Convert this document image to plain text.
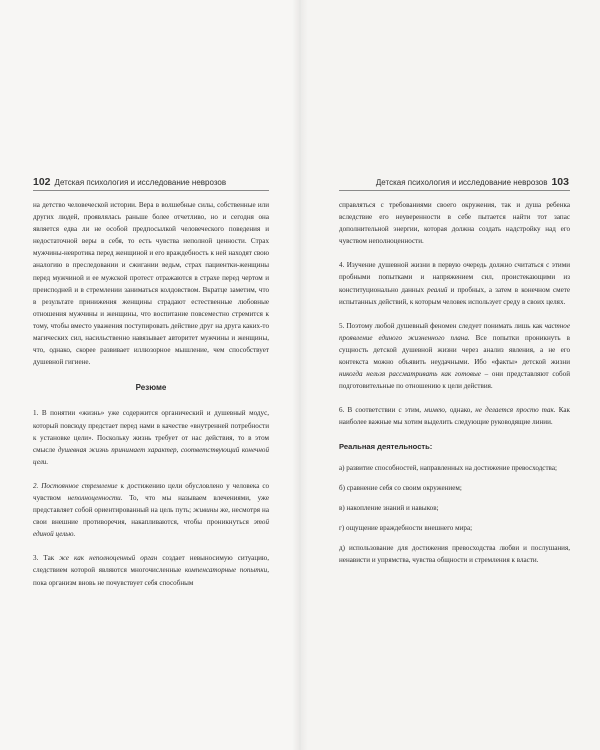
102 Детская психология и исследование неврозов	Детская психология и исследование неврозов 103

на детство человеческой истории. Вера в волшебные силы, собственные или других людей, проявлялась раньше более отчетливо, но и сегодня она является едва ли не особой предпосылкой человеческого поведения и недостаточной веры в себя, то есть чувства неполной ценности. Страх мужчины-невротика перед женщиной и его враждебность к ней находят свою аналогию в преследовании и сжигании ведьм, страх пациентки-женщины перед мужчиной и ее мужской протест отражаются в страхе перед чертом и преисподней и в стремлении заниматься колдовством. Вкратце заметим, что в результате принижения женщины страдают естественные любовные отношения мужчины и женщины, что воспитание повсеместно стремится к тому, чтобы вместо уважения поступировать действие друг на друга каких-то магических сил, насильственно навязывает авторитет мужчины и женщины, что, однако, скорее развивает иллюзорное мышление, чем способствует душевной гигиене.

Резюме

1. В понятии «жизнь» уже содержится органический и душевный модус, который повсюду предстает перед нами в качестве «внутренней потребности к установке цели». Поскольку жизнь требует от нас действия, то в этом смысле душевная жизнь принимает характер, соответствующий конечной цели.

2. Постоянное стремление к достижению цели обусловлено у человека со чувством неполноценности. То, что мы называем влечениями, уже представляет собой ориентированный на цель путь; живины же, несмотря на свои внешние противоречия, накапливаются, чтобы проникнуться этой единой целью.

3. Так же как неполноценный орган создает невыносимую ситуацию, следствием которой являются многочисленные компенсаторные попытки, пока организм вновь не почувствует себя способным

справляться с требованиями своего окружения, так и душа ребенка вследствие его неуверенности в себе пытается найти тот запас дополнительной энергии, которая должна создать надстройку над его чувством неполноценности.

4. Изучение душевной жизни в первую очередь должно считаться с этими пробными попытками и напряжением сил, проистекающими из конституционально данных реалий и пробных, а затем в конечном смете испытанных действий, к которым человек использует среду в своих целях.

5. Поэтому любой душевный феномен следует понимать лишь как частное проявление единого жизненного плана. Все попытки проникнуть в сущность детской душевной жизни через анализ явления, а не его контекста можно объявить неудачными. Ибо «факты» детской жизни никогда нельзя рассматривать как готовые – они представляют собой подготовительные по отношению к цели действия.

6. В соответствии с этим, мимею, однако, не делается просто так. Как наиболее важные мы хотим выделить следующие руководящие линии.

Реальная деятельность:

а) развитие способностей, направленных на достижение превосходства;

б) сравнение себя со своим окружением;

в) накопление знаний и навыков;

г) ощущение враждебности внешнего мира;

д) использование для достижения превосходства любви и послушания, ненависти и упрямства, чувства общности и стремления к власти.
